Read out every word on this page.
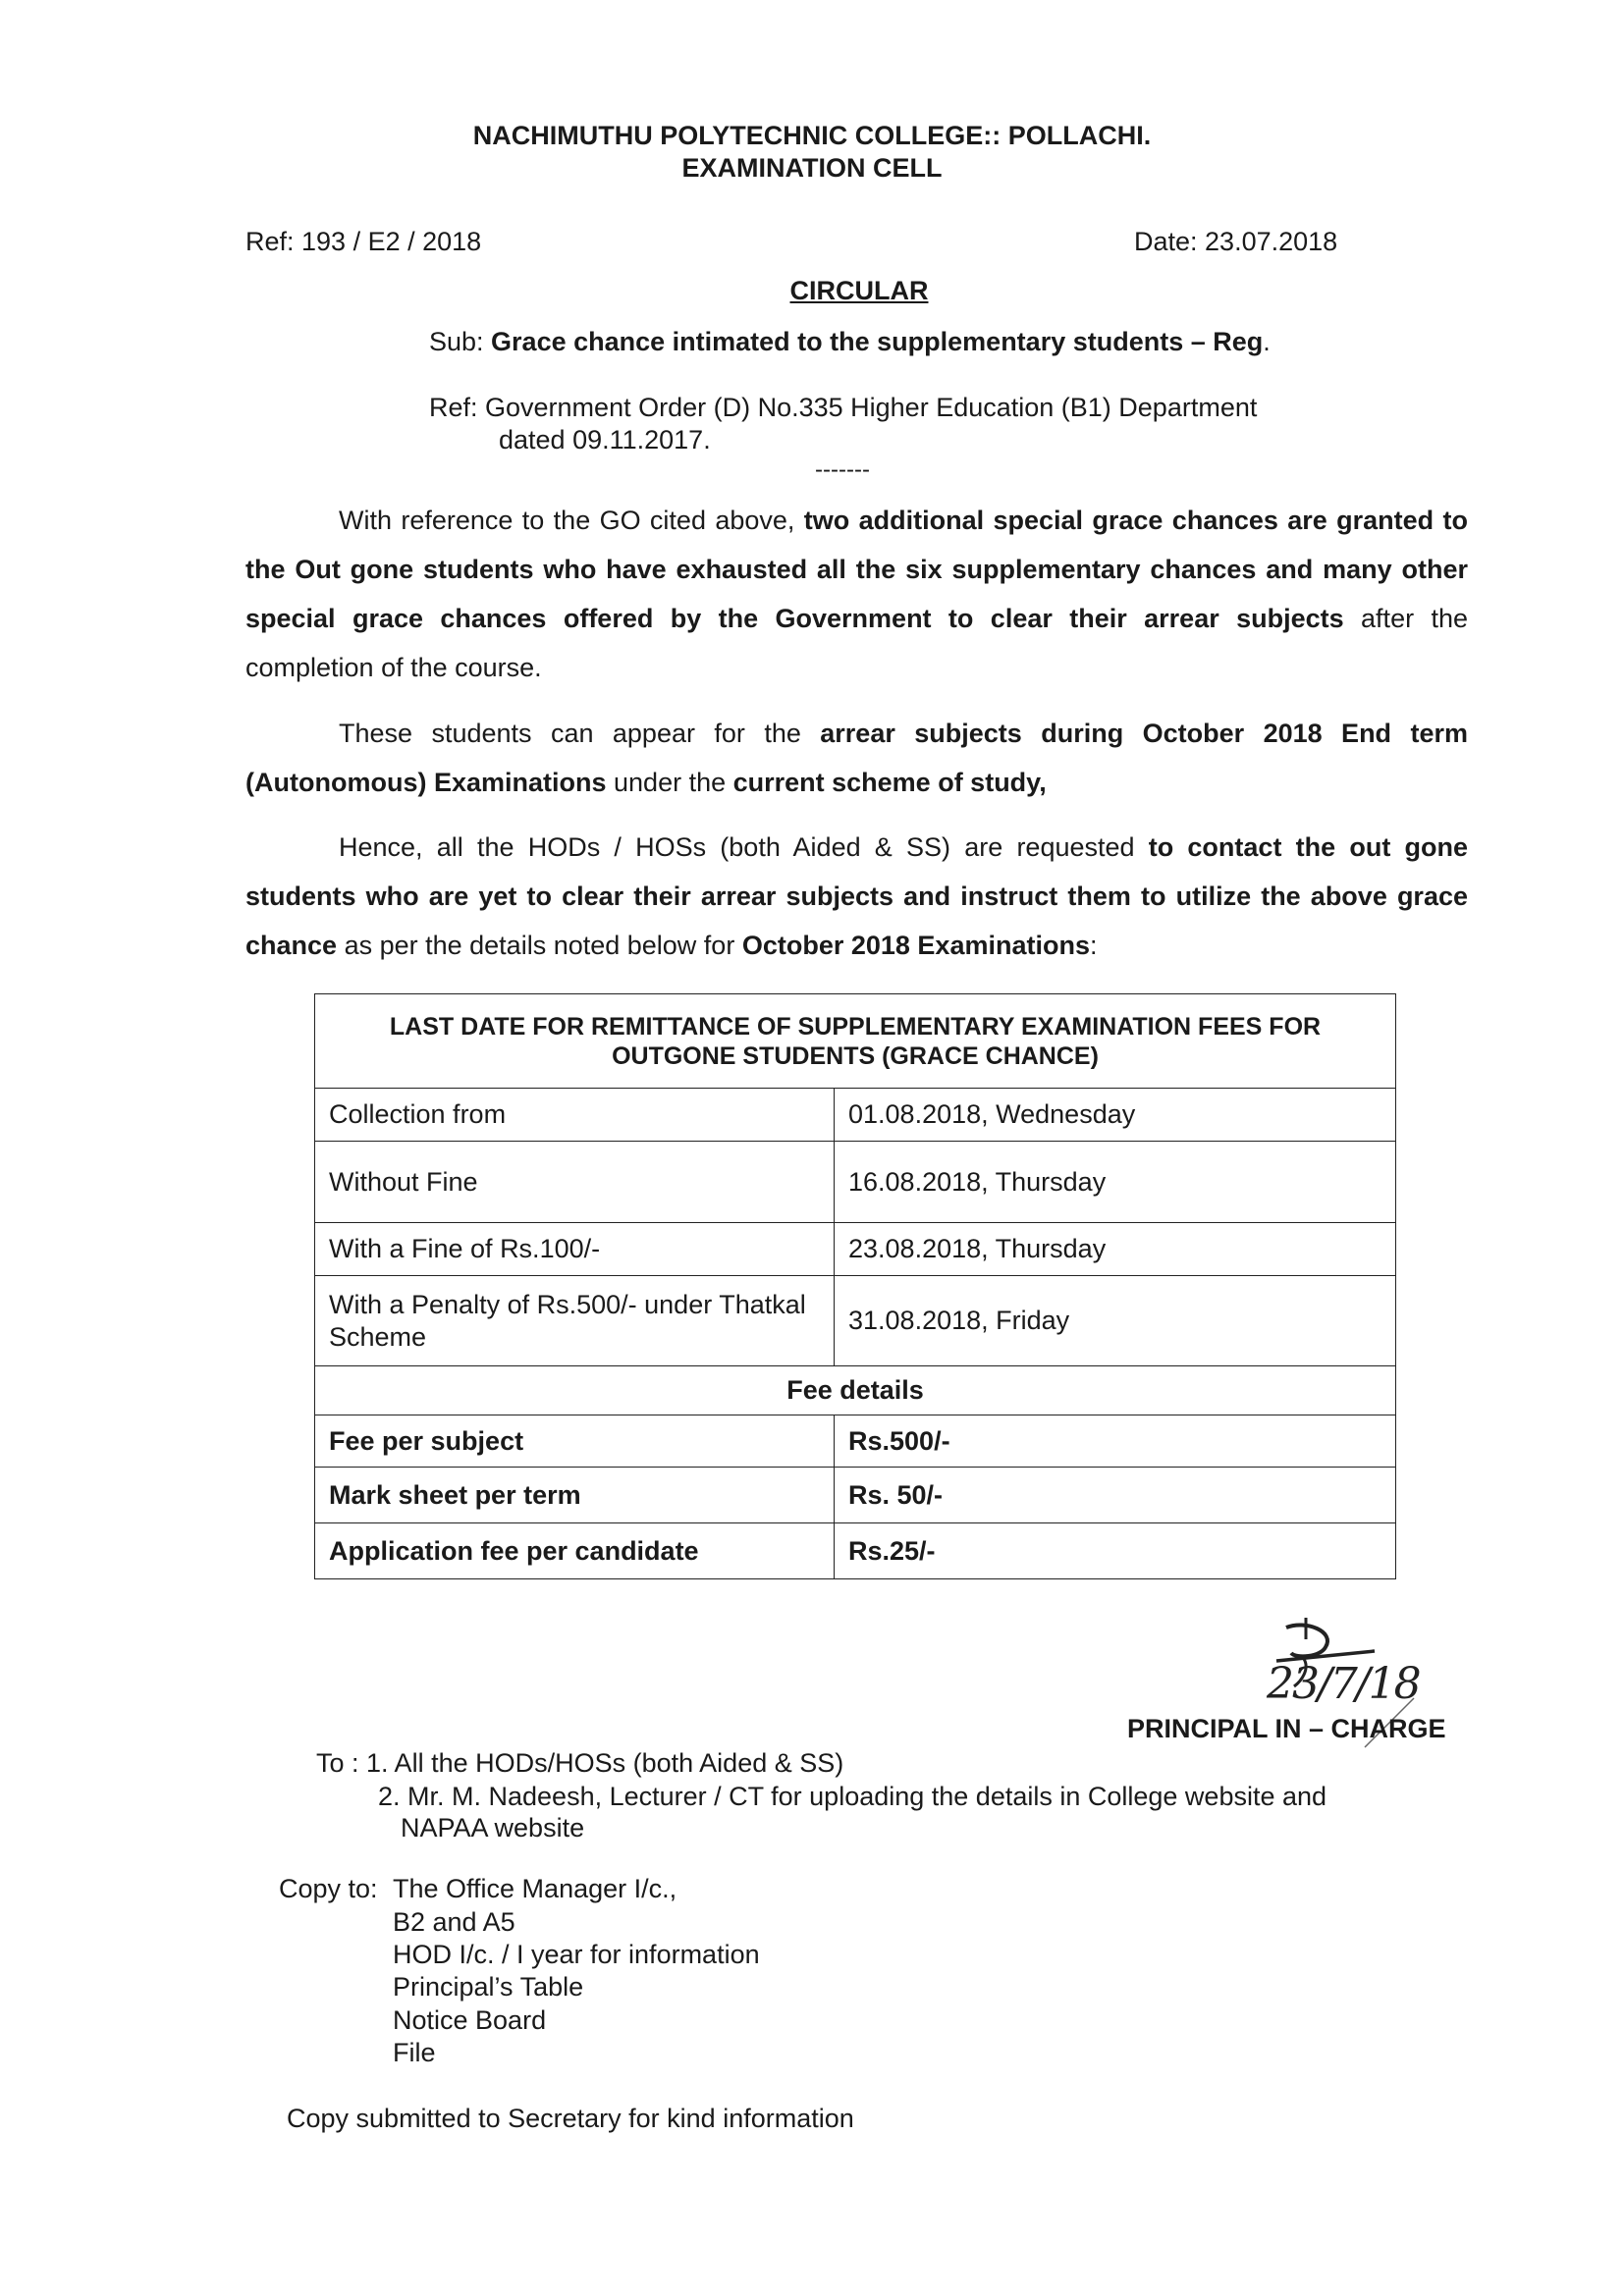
NACHIMUTHU POLYTECHNIC COLLEGE:: POLLACHI.
EXAMINATION CELL
Ref: 193 / E2 / 2018	Date: 23.07.2018
CIRCULAR
Sub: Grace chance intimated to the supplementary students – Reg.
Ref: Government Order (D) No.335 Higher Education (B1) Department
dated 09.11.2017.
-------
With reference to the GO cited above, two additional special grace chances are granted to the Out gone students who have exhausted all the six supplementary chances and many other special grace chances offered by the Government to clear their arrear subjects after the completion of the course.
These students can appear for the arrear subjects during October 2018 End term (Autonomous) Examinations under the current scheme of study,
Hence, all the HODs / HOSs (both Aided & SS) are requested to contact the out gone students who are yet to clear their arrear subjects and instruct them to utilize the above grace chance as per the details noted below for October 2018 Examinations:
LAST DATE FOR REMITTANCE OF SUPPLEMENTARY EXAMINATION FEES FOR OUTGONE STUDENTS (GRACE CHANCE)	
Collection from	01.08.2018, Wednesday
Without Fine	16.08.2018, Thursday
With a Fine of Rs.100/-	23.08.2018, Thursday
With a Penalty of Rs.500/- under Thatkal Scheme	31.08.2018, Friday
Fee details	
Fee per subject	Rs.500/-
Mark sheet per term	Rs. 50/-
Application fee per candidate	Rs.25/-
23/7/18
PRINCIPAL IN – CHARGE
To : 1. All the HODs/HOSs (both Aided & SS)
2. Mr. M. Nadeesh, Lecturer / CT for uploading the details in College website and
NAPAA website
Copy to: The Office Manager I/c.,
B2 and A5
HOD I/c. / I year for information
Principal’s Table
Notice Board
File
Copy submitted to Secretary for kind information
